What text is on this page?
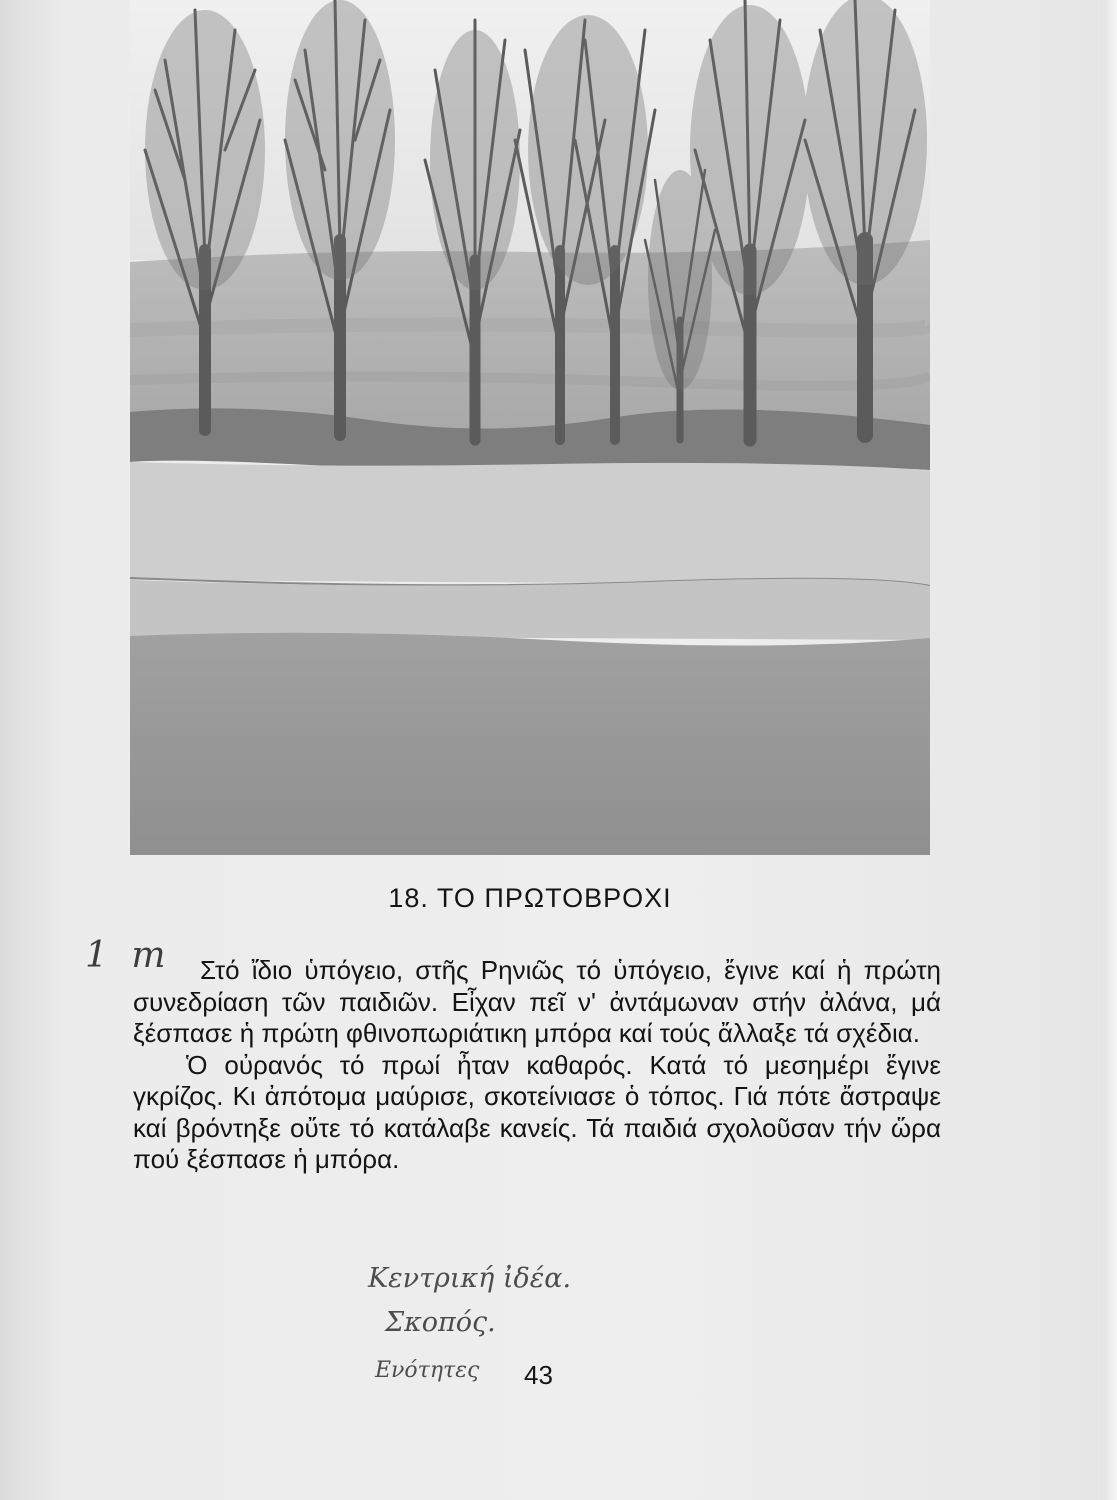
18. ΤΟ ΠΡΩΤΟΒΡΟΧΙ
1 m	Στό ἴδιο ὑπόγειο, στῆς Ρηνιῶς τό ὑπόγειο, ἔγινε καί ἡ πρώτη συνεδρίαση τῶν παιδιῶν. Εἶχαν πεῖ ν' ἀντάμωναν στήν ἀλάνα, μά ξέσπασε ἡ πρώτη φθινοπωριάτικη μπόρα καί τούς ἄλλαξε τά σχέδια.

Ὁ οὐρανός τό πρωί ἦταν καθαρός. Κατά τό μεσημέρι ἔγινε γκρίζος. Κι ἀπότομα μαύρισε, σκοτείνιασε ὁ τόπος. Γιά πότε ἄστραψε καί βρόντηξε οὔτε τό κατάλαβε κανείς. Τά παιδιά σχολοῦσαν τήν ὥρα πού ξέσπασε ἡ μπόρα.

Κεντρική ἰδέα.
Σκοπός.
Ενότητες 43
